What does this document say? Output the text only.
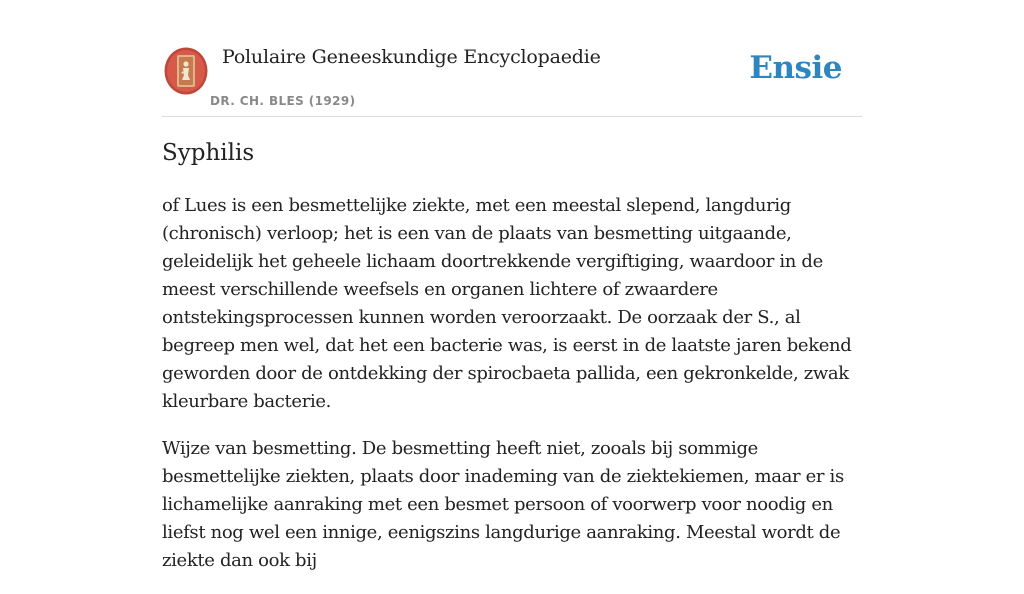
Polulaire Geneeskundige Encyclopaedie
DR. CH. BLES (1929)
Ensie
Syphilis

of Lues is een besmettelijke ziekte, met een meestal slepend, langdurig (chronisch) verloop; het is een van de plaats van besmetting uitgaande, geleidelijk het geheele lichaam doortrekkende vergiftiging, waardoor in de meest verschillende weefsels en organen lichtere of zwaardere ontstekingsprocessen kunnen worden veroorzaakt. De oorzaak der S., al begreep men wel, dat het een bacterie was, is eerst in de laatste jaren bekend geworden door de ontdekking der spirocbaeta pallida, een gekronkelde, zwak kleurbare bacterie.

Wijze van besmetting. De besmetting heeft niet, zooals bij sommige besmettelijke ziekten, plaats door inademing van de ziektekiemen, maar er is lichamelijke aanraking met een besmet persoon of voorwerp voor noodig en liefst nog wel een innige, eenigszins langdurige aanraking. Meestal wordt de ziekte dan ook bij
